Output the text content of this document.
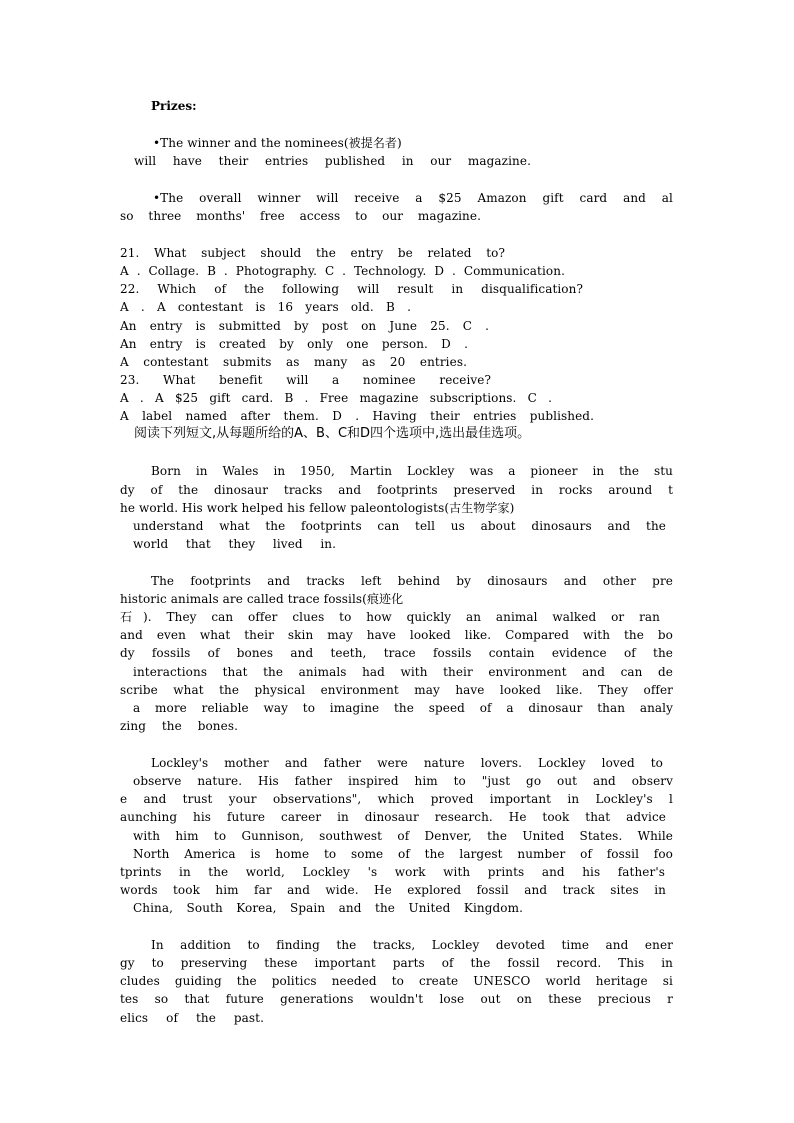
Prizes:

•The winner and the nominees(被提名者)

will have their entries published in our magazine.

•The overall winner will receive a $25 Amazon gift card and al

so three months' free access to our magazine.

21. What subject should the entry be related to?

A . Collage. B . Photography. C . Technology. D . Communication.

22. Which of the following will result in disqualification?

A . A contestant is 16 years old. B .

An entry is submitted by post on June 25. C .

An entry is created by only one person. D .

A contestant submits as many as 20 entries.

23. What benefit will a nominee receive?

A . A $25 gift card. B . Free magazine subscriptions. C .

A label named after them. D . Having their entries published.

阅读下列短文,从每题所给的A、B、C和D四个选项中,选出最佳选项。

Born in Wales in 1950, Martin Lockley was a pioneer in the stu

dy of the dinosaur tracks and footprints preserved in rocks around t

he world. His work helped his fellow paleontologists(古生物学家)

understand what the footprints can tell us about dinosaurs and the

world that they lived in.

The footprints and tracks left behind by dinosaurs and other pre

historic animals are called trace fossils(痕迹化

石). They can offer clues to how quickly an animal walked or ran

and even what their skin may have looked like. Compared with the bo

dy fossils of bones and teeth, trace fossils contain evidence of the

interactions that the animals had with their environment and can de

scribe what the physical environment may have looked like. They offer

a more reliable way to imagine the speed of a dinosaur than analy

zing the bones.

Lockley's mother and father were nature lovers. Lockley loved to

observe nature. His father inspired him to "just go out and observ

e and trust your observations", which proved important in Lockley's l

aunching his future career in dinosaur research. He took that advice

with him to Gunnison, southwest of Denver, the United States. While

North America is home to some of the largest number of fossil foo

tprints in the world, Lockley 's work with prints and his father's

words took him far and wide. He explored fossil and track sites in

China, South Korea, Spain and the United Kingdom.

In addition to finding the tracks, Lockley devoted time and ener

gy to preserving these important parts of the fossil record. This in

cludes guiding the politics needed to create UNESCO world heritage si

tes so that future generations wouldn't lose out on these precious r

elics of the past.
